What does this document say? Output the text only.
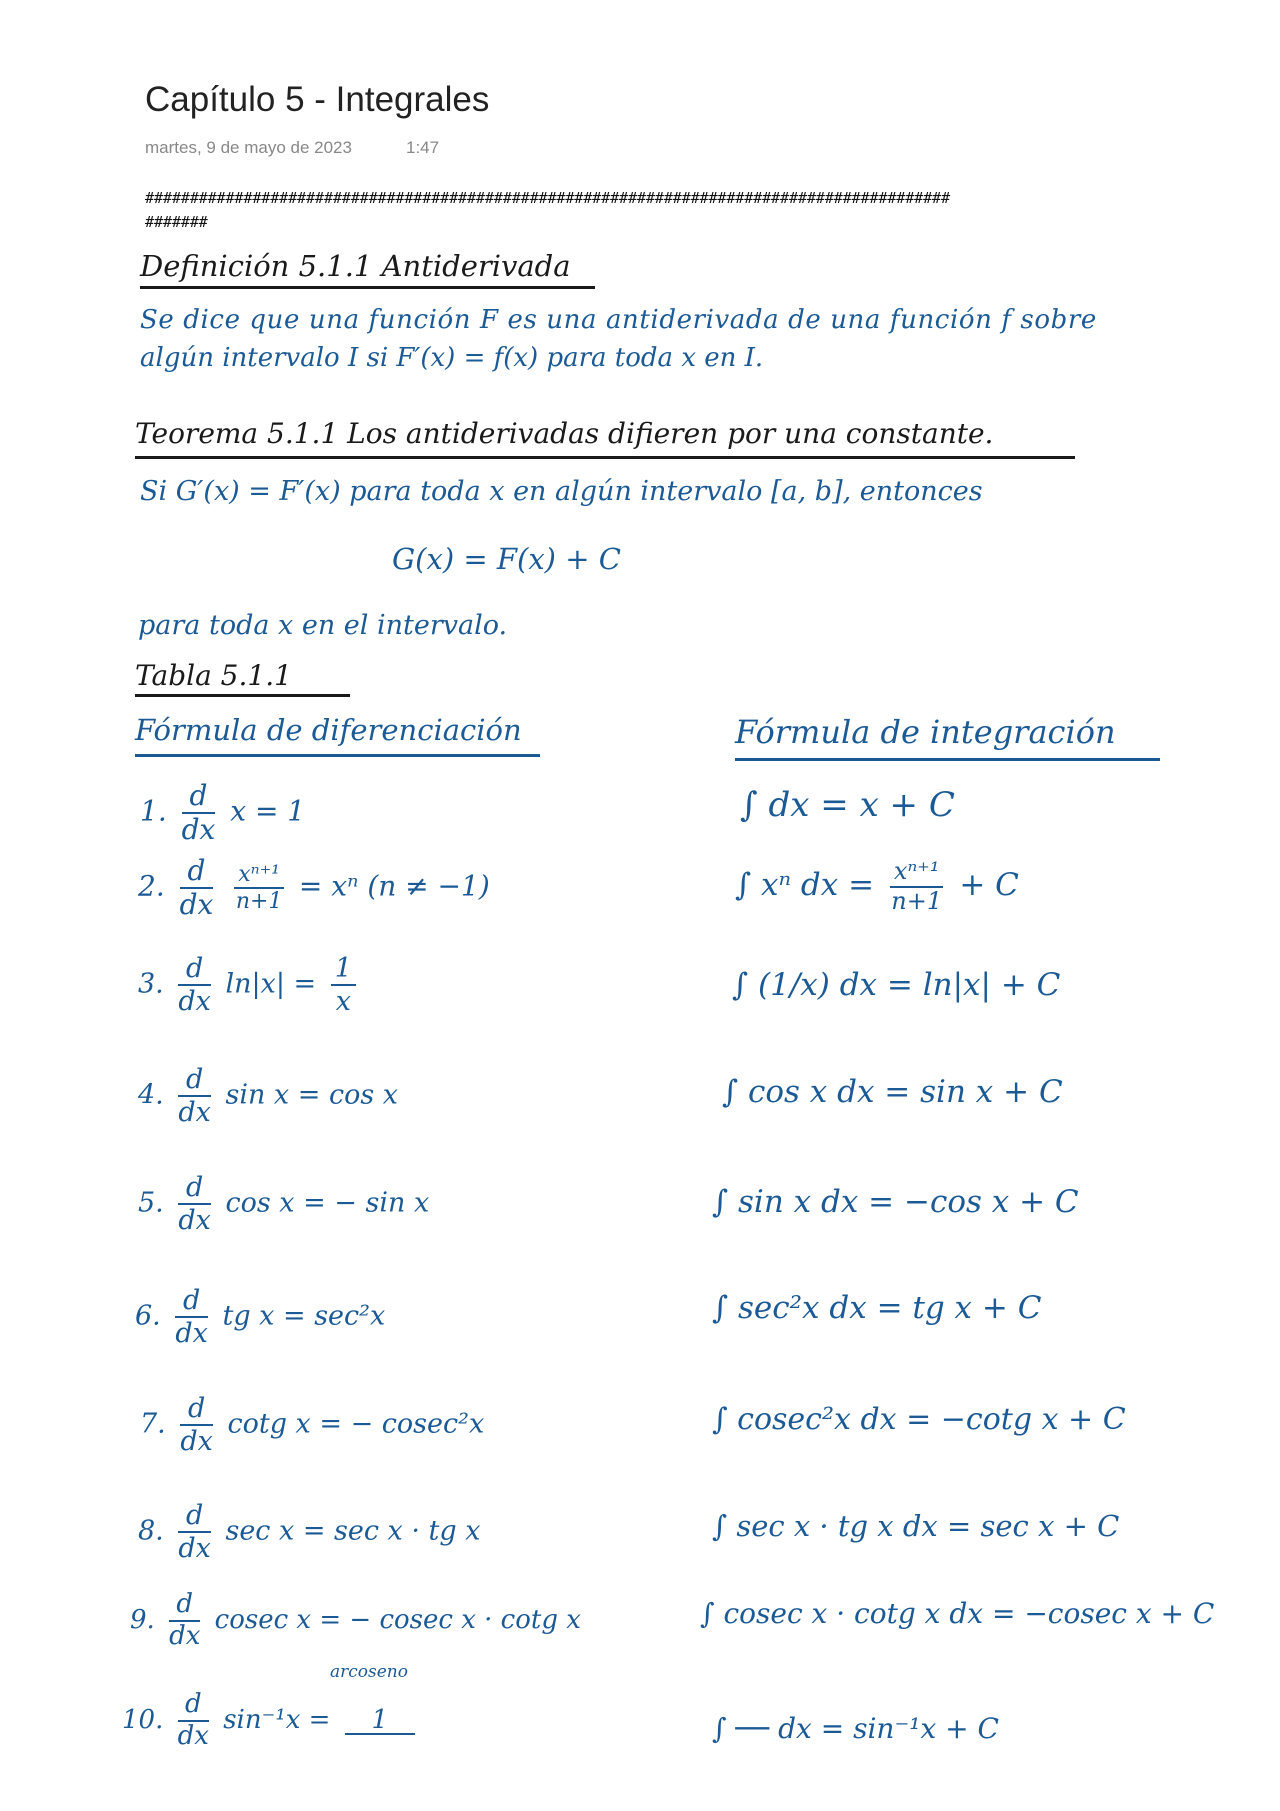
Capítulo 5 - Integrales
martes, 9 de mayo de 2023	1:47
##########################################################################################
#######
Definición 5.1.1 Antiderivada
Se dice que una función F es una antiderivada de una función f sobre
algún intervalo I si F′(x) = f(x) para toda x en I.
Teorema 5.1.1 Los antiderivadas difieren por una constante.
Si G′(x) = F′(x) para toda x en algún intervalo [a, b], entonces
G(x) = F(x) + C
para toda x en el intervalo.
Tabla 5.1.1
Fórmula de diferenciación	Fórmula de integración
1. $\frac{d}{dx}$ x = 1	∫ dx = x + C
2. $\frac{d}{dx}$
$\frac{\text{xⁿ⁺¹}}{n+1} = x^n$ (n ≠ −1)	∫ xⁿ dx = $\frac{\text{xⁿ⁺¹}}{n+1} + C$
3. $\frac{d}{dx} \ln|x| = \frac{1}{x}$	∫ (1/x) dx = ln|x| + C
4. $\frac{d}{dx}$ sin x = cos x	∫ cos x dx = sin x + C
5. $\frac{d}{dx}$ cos x = − sin x	∫ sin x dx = −cos x + C
6. $\frac{d}{dx}$ tg x = sec²x	∫ sec²x dx = tg x + C
7. $\frac{d}{dx}$ cotg x = − cosec²x	∫ cosec²x dx = −cotg x + C
8. $\frac{d}{dx}$ sec x = sec x · tg x	∫ sec x · tg x dx = sec x + C
9. $\frac{d}{dx}$ cosec x = − cosec x · cotg x	∫ cosec x · cotg x dx = −cosec x + C
arcoseno
10. $\frac{d}{dx} \sin^{-1}x = 1$	∫ ── dx = sin⁻¹x + C
